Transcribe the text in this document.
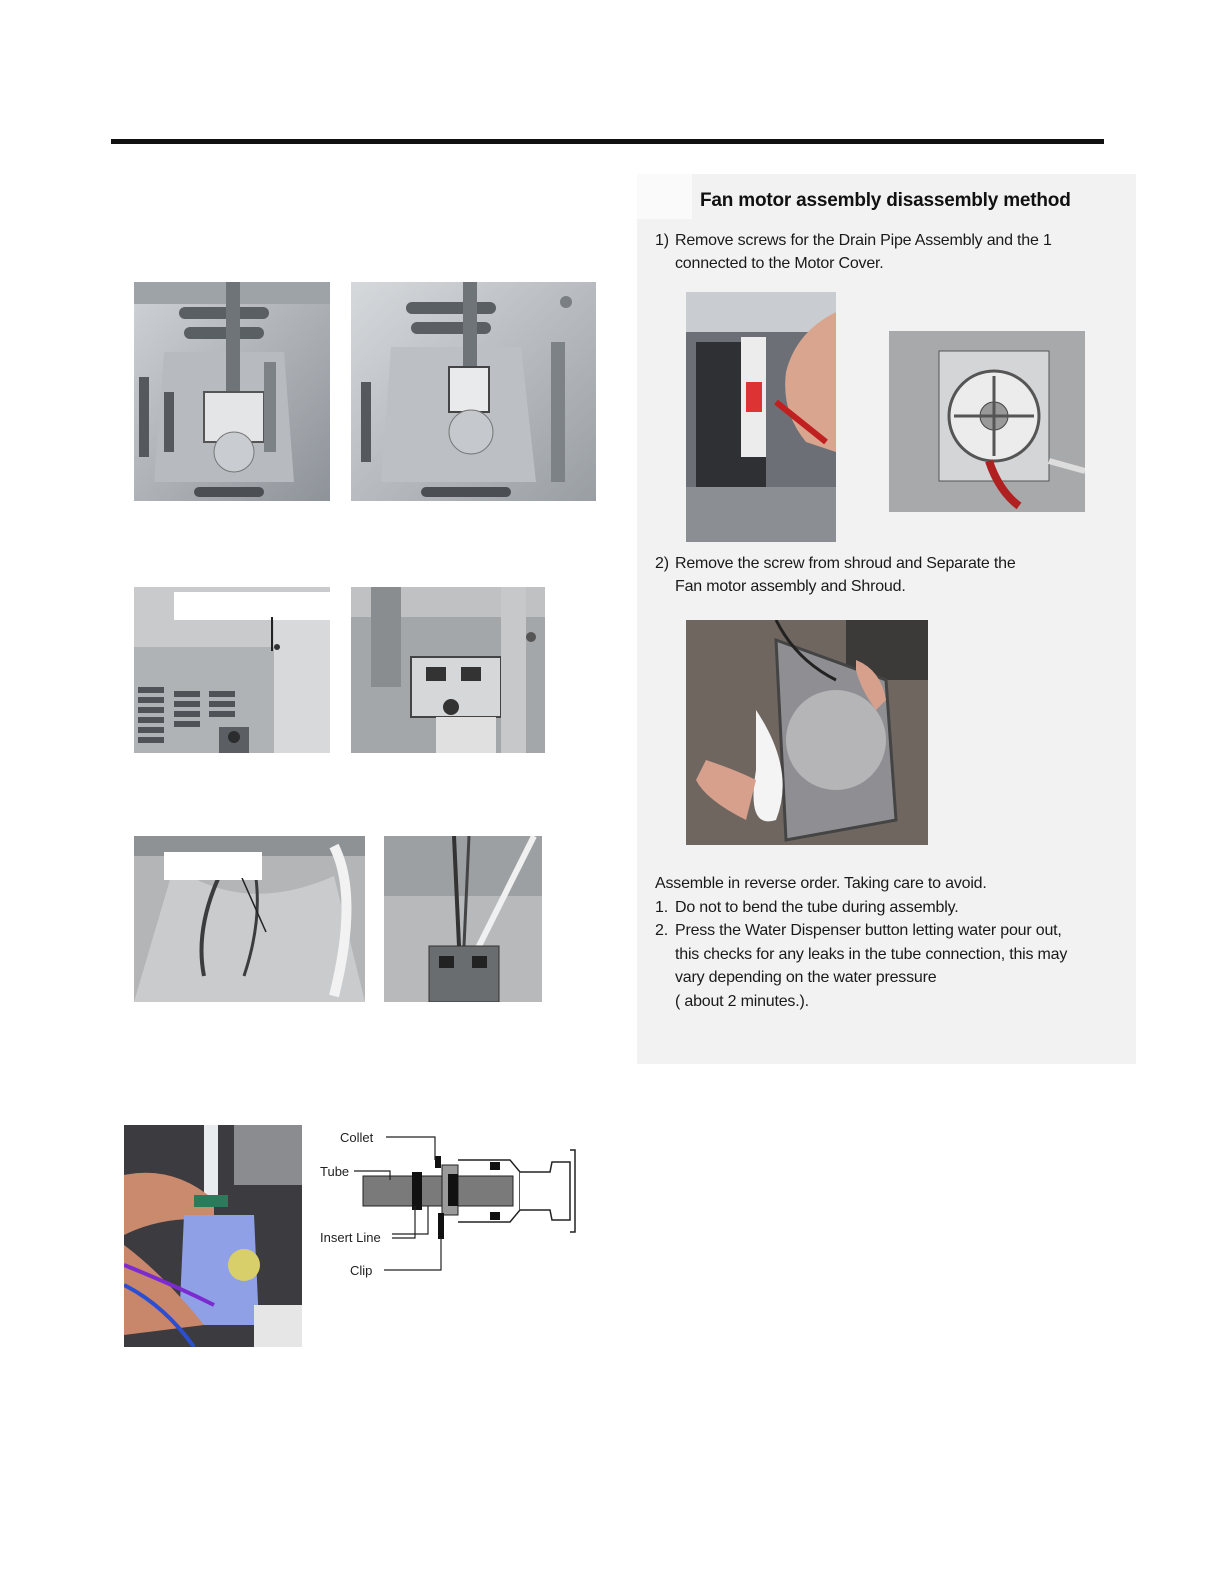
Collet
Tube
Insert Line
Clip
Fan motor assembly disassembly method
1) Remove screws for the Drain Pipe Assembly and the 1
connected to the Motor Cover.
2) Remove the screw from shroud and Separate the
Fan motor assembly and Shroud.
Assemble in reverse order. Taking care to avoid.
1. Do not to bend the tube during assembly.
2. Press the Water Dispenser button letting water pour out,
this checks for any leaks in the tube connection, this may
vary depending on the water pressure
( about 2 minutes.).
